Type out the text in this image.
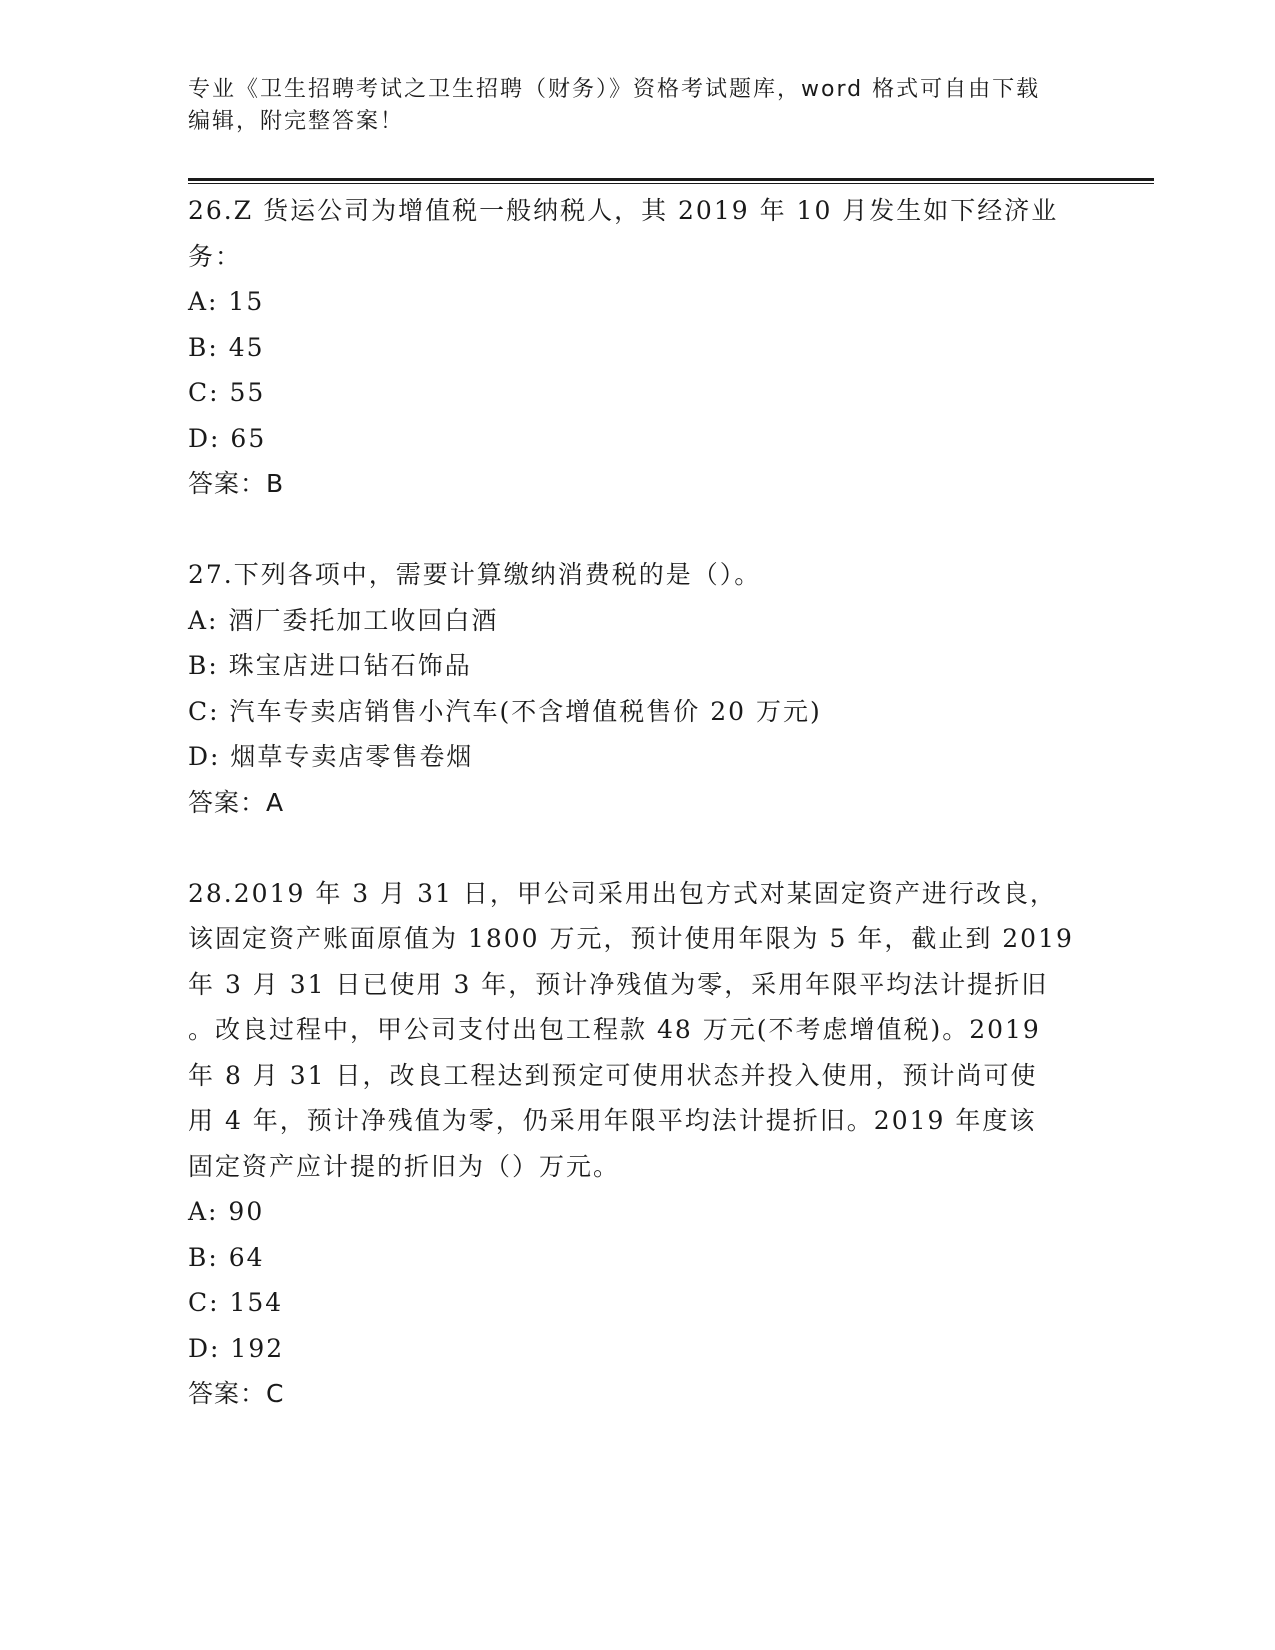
专业《卫生招聘考试之卫生招聘（财务）》资格考试题库，word 格式可自由下载
编辑，附完整答案！
26.Z 货运公司为增值税一般纳税人，其 2019 年 10 月发生如下经济业
务：
A: 15
B: 45
C: 55
D: 65
答案：B
27.下列各项中，需要计算缴纳消费税的是（）。
A: 酒厂委托加工收回白酒
B: 珠宝店进口钻石饰品
C: 汽车专卖店销售小汽车(不含增值税售价 20 万元)
D: 烟草专卖店零售卷烟
答案：A
28.2019 年 3 月 31 日，甲公司采用出包方式对某固定资产进行改良，
该固定资产账面原值为 1800 万元，预计使用年限为 5 年，截止到 2019
年 3 月 31 日已使用 3 年，预计净残值为零，采用年限平均法计提折旧
。改良过程中，甲公司支付出包工程款 48 万元(不考虑增值税)。2019
年 8 月 31 日，改良工程达到预定可使用状态并投入使用，预计尚可使
用 4 年，预计净残值为零，仍采用年限平均法计提折旧。2019 年度该
固定资产应计提的折旧为（）万元。
A: 90
B: 64
C: 154
D: 192
答案：C
